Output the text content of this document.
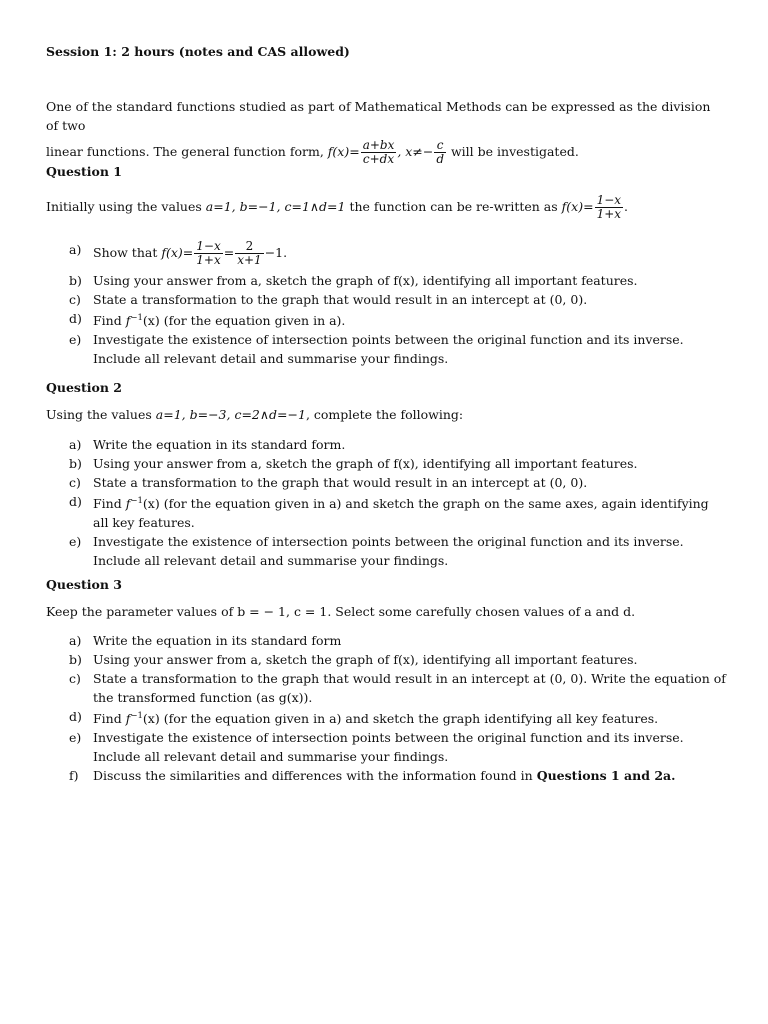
Session 1: 2 hours (notes and CAS allowed)
One of the standard functions studied as part of Mathematical Methods can be expressed as the division of two
linear functions. The general function form, $f(x)= \frac{a+bx}{c+dx}$ , $x\ne- \frac{c}{d}$ will be investigated.
Question 1
Initially using the values a=1, b=−1, c=1∧d=1 the function can be re-written as $f(x)= \frac{1-x}{1+x}$ .
a) Show that $f(x)= \frac{1-x}{1+x} = \frac{2}{x+1} -1$.
b) Using your answer from a, sketch the graph of f(x), identifying all important features.
c) State a transformation to the graph that would result in an intercept at (0, 0).
d) Find $f^{-1}(x)$ (for the equation given in a).
e) Investigate the existence of intersection points between the original function and its inverse. Include all relevant detail and summarise your findings.
Question 2
Using the values a=1, b=−3, c=2∧d=−1, complete the following:
a) Write the equation in its standard form.
b) Using your answer from a, sketch the graph of f(x), identifying all important features.
c) State a transformation to the graph that would result in an intercept at (0, 0).
d) Find $f^{-1}(x)$ (for the equation given in a) and sketch the graph on the same axes, again identifying all key features.
e) Investigate the existence of intersection points between the original function and its inverse. Include all relevant detail and summarise your findings.
Question 3
Keep the parameter values of b = − 1, c = 1. Select some carefully chosen values of a and d.
a) Write the equation in its standard form
b) Using your answer from a, sketch the graph of f(x), identifying all important features.
c) State a transformation to the graph that would result in an intercept at (0, 0). Write the equation of the transformed function (as g(x)).
d) Find $f^{-1}(x)$ (for the equation given in a) and sketch the graph identifying all key features.
e) Investigate the existence of intersection points between the original function and its inverse. Include all relevant detail and summarise your findings.
f) Discuss the similarities and differences with the information found in Questions 1 and 2a.
